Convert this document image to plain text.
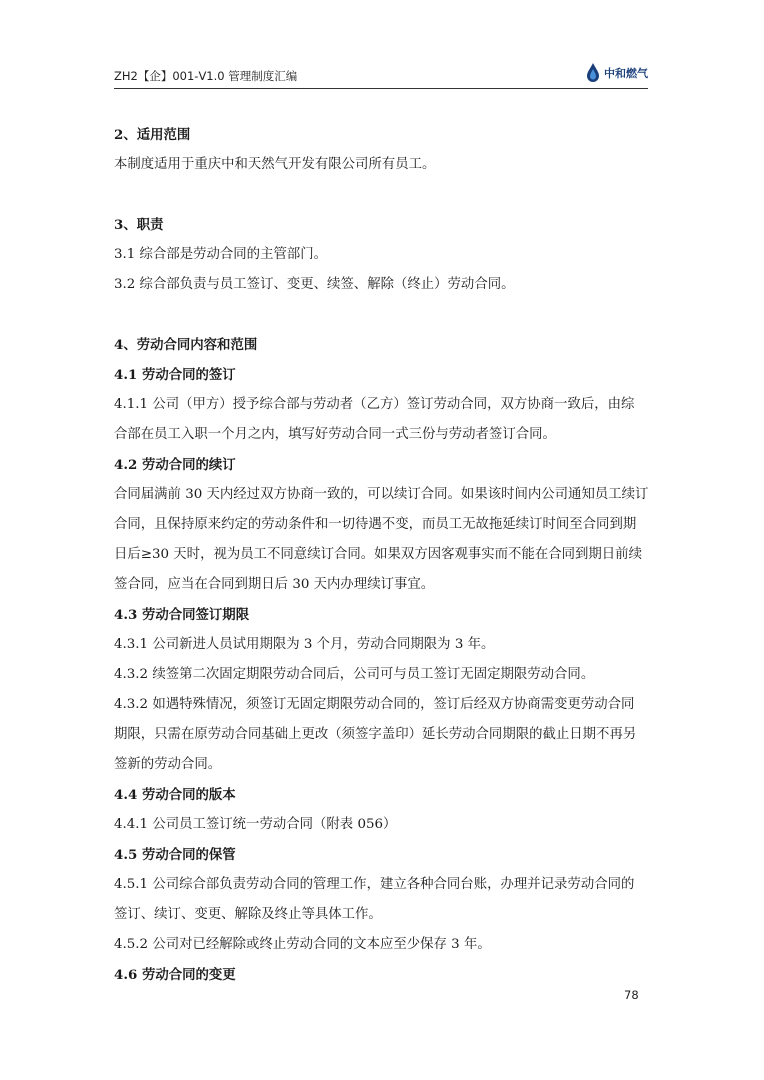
ZH2【企】001-V1.0 管理制度汇编	中和燃气
2、适用范围
本制度适用于重庆中和天然气开发有限公司所有员工。
3、职责
3.1 综合部是劳动合同的主管部门。
3.2 综合部负责与员工签订、变更、续签、解除（终止）劳动合同。
4、劳动合同内容和范围
4.1 劳动合同的签订
4.1.1 公司（甲方）授予综合部与劳动者（乙方）签订劳动合同，双方协商一致后，由综
合部在员工入职一个月之内，填写好劳动合同一式三份与劳动者签订合同。
4.2 劳动合同的续订
合同届满前 30 天内经过双方协商一致的，可以续订合同。如果该时间内公司通知员工续订
合同，且保持原来约定的劳动条件和一切待遇不变，而员工无故拖延续订时间至合同到期
日后≥30 天时，视为员工不同意续订合同。如果双方因客观事实而不能在合同到期日前续
签合同，应当在合同到期日后 30 天内办理续订事宜。
4.3 劳动合同签订期限
4.3.1 公司新进人员试用期限为 3 个月，劳动合同期限为 3 年。
4.3.2 续签第二次固定期限劳动合同后，公司可与员工签订无固定期限劳动合同。
4.3.2 如遇特殊情况，须签订无固定期限劳动合同的，签订后经双方协商需变更劳动合同
期限，只需在原劳动合同基础上更改（须签字盖印）延长劳动合同期限的截止日期不再另
签新的劳动合同。
4.4 劳动合同的版本
4.4.1 公司员工签订统一劳动合同（附表 056）
4.5 劳动合同的保管
4.5.1 公司综合部负责劳动合同的管理工作，建立各种合同台账，办理并记录劳动合同的
签订、续订、变更、解除及终止等具体工作。
4.5.2 公司对已经解除或终止劳动合同的文本应至少保存 3 年。
4.6 劳动合同的变更
78
